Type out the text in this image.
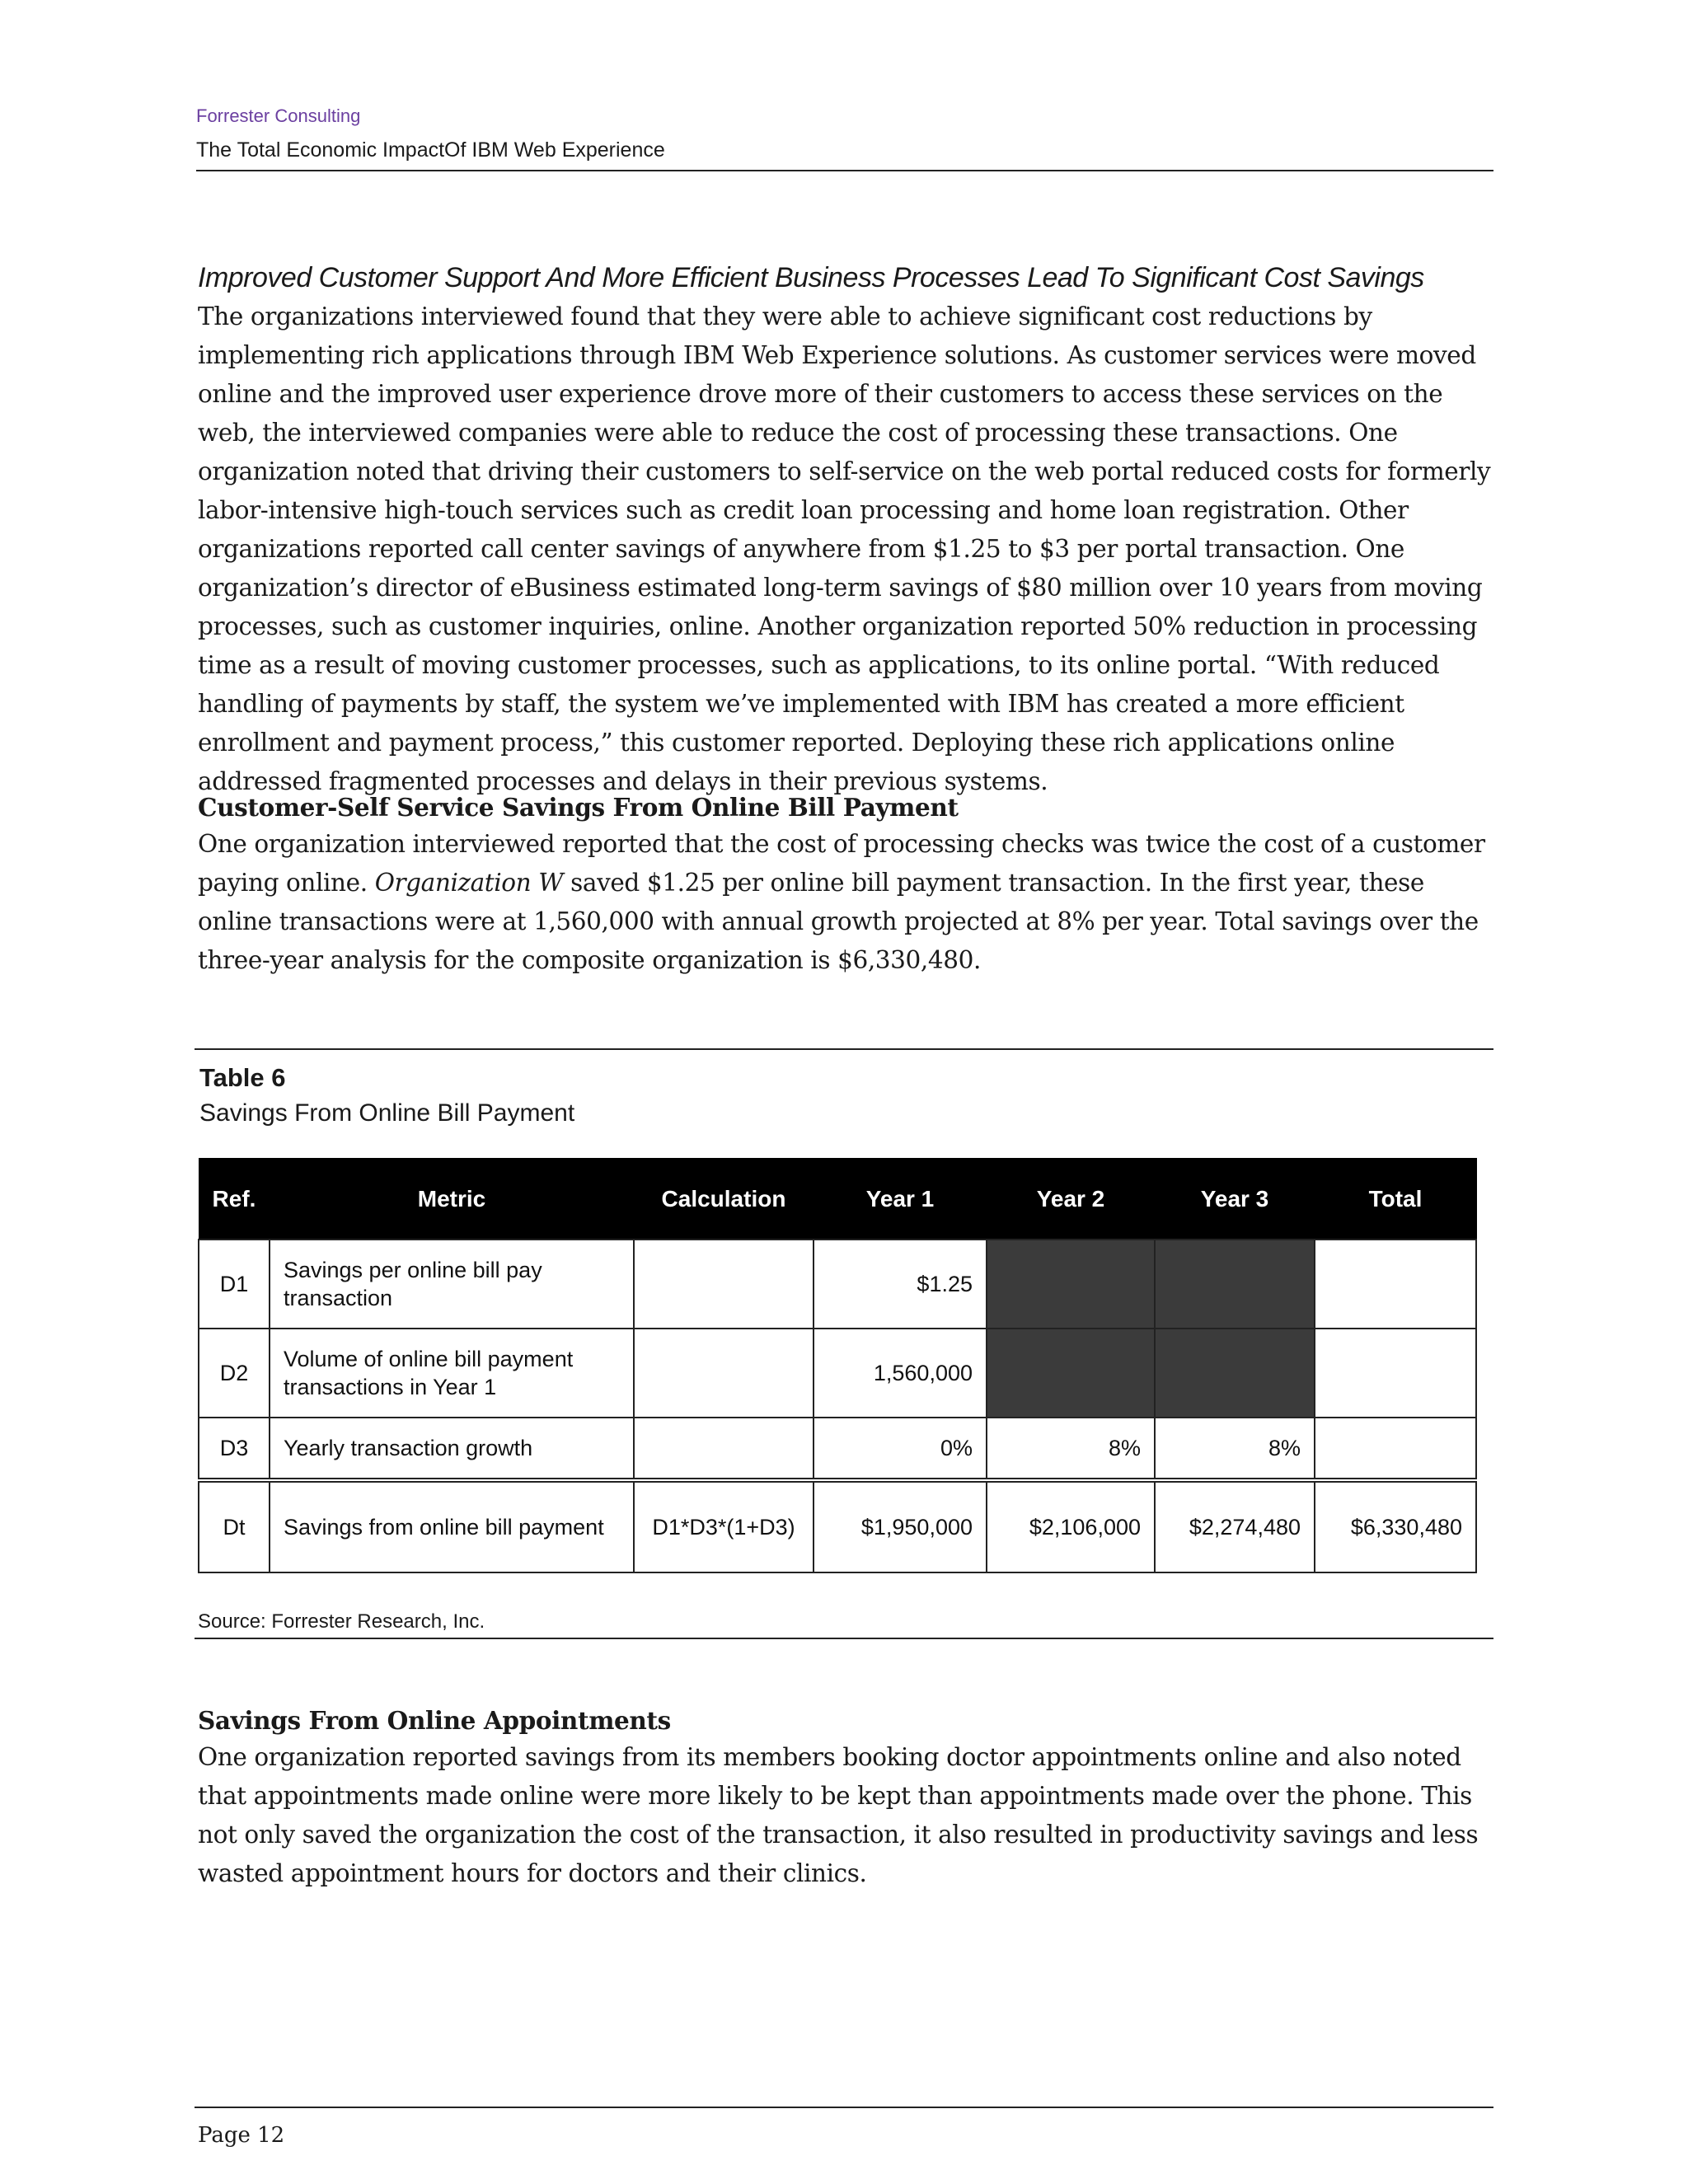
Forrester Consulting
The Total Economic ImpactOf IBM Web Experience
Improved Customer Support And More Efficient Business Processes Lead To Significant Cost Savings

The organizations interviewed found that they were able to achieve significant cost reductions by implementing rich applications through IBM Web Experience solutions. As customer services were moved online and the improved user experience drove more of their customers to access these services on the web, the interviewed companies were able to reduce the cost of processing these transactions. One organization noted that driving their customers to self-service on the web portal reduced costs for formerly labor-intensive high-touch services such as credit loan processing and home loan registration. Other organizations reported call center savings of anywhere from $1.25 to $3 per portal transaction. One organization’s director of eBusiness estimated long-term savings of $80 million over 10 years from moving processes, such as customer inquiries, online. Another organization reported 50% reduction in processing time as a result of moving customer processes, such as applications, to its online portal. “With reduced handling of payments by staff, the system we’ve implemented with IBM has created a more efficient enrollment and payment process,” this customer reported. Deploying these rich applications online addressed fragmented processes and delays in their previous systems.

Customer-Self Service Savings From Online Bill Payment

One organization interviewed reported that the cost of processing checks was twice the cost of a customer paying online. Organization W saved $1.25 per online bill payment transaction. In the first year, these online transactions were at 1,560,000 with annual growth projected at 8% per year. Total savings over the three-year analysis for the composite organization is $6,330,480.

Table 6
Savings From Online Bill Payment
Ref.	Metric	Calculation	Year 1	Year 2	Year 3	Total
D1	Savings per online bill pay transaction		$1.25			
D2	Volume of online bill payment transactions in Year 1		1,560,000			
D3	Yearly transaction growth		0%	8%	8%	
Dt	Savings from online bill payment	D1*D3*(1+D3)	$1,950,000	$2,106,000	$2,274,480	$6,330,480
Source: Forrester Research, Inc.
Savings From Online Appointments

One organization reported savings from its members booking doctor appointments online and also noted that appointments made online were more likely to be kept than appointments made over the phone. This not only saved the organization the cost of the transaction, it also resulted in productivity savings and less wasted appointment hours for doctors and their clinics.

Page 12
